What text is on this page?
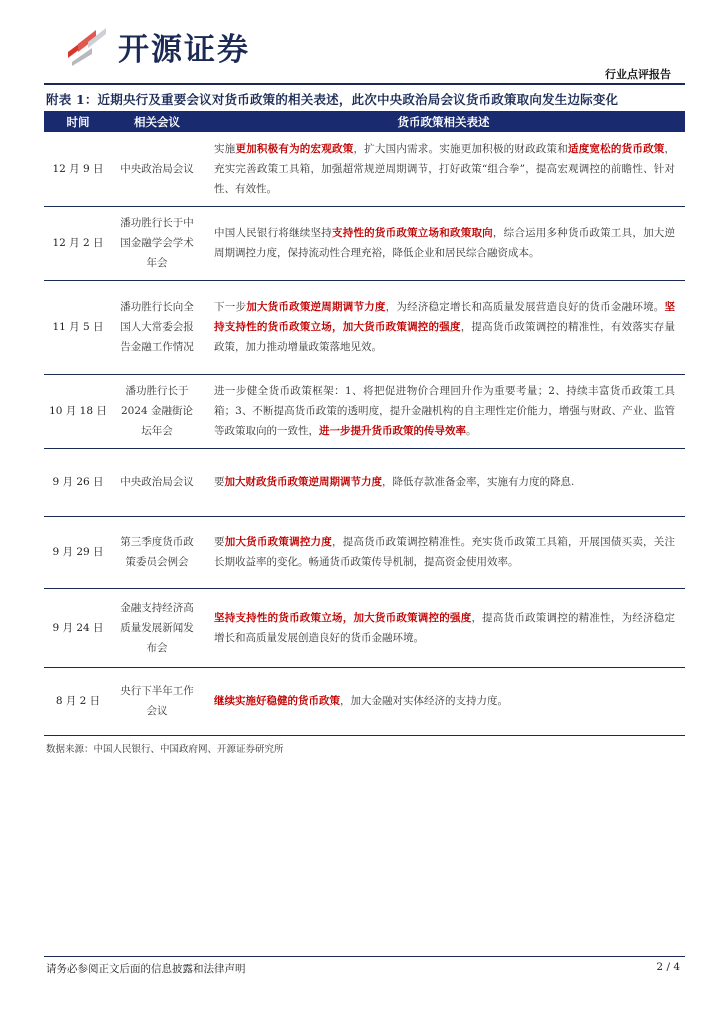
开源证券
行业点评报告
附表 1：近期央行及重要会议对货币政策的相关表述，此次中央政治局会议货币政策取向发生边际变化
时间	相关会议	货币政策相关表述
12 月 9 日	中央政治局会议	实施更加积极有为的宏观政策，扩大国内需求。实施更加积极的财政政策和适度宽松的货币政策，充实完善政策工具箱，加强超常规逆周期调节，打好政策“组合拳”，提高宏观调控的前瞻性、针对性、有效性。
12 月 2 日	潘功胜行长于中国金融学会学术年会	中国人民银行将继续坚持支持性的货币政策立场和政策取向，综合运用多种货币政策工具，加大逆周期调控力度，保持流动性合理充裕，降低企业和居民综合融资成本。
11 月 5 日	潘功胜行长向全国人大常委会报告金融工作情况	下一步加大货币政策逆周期调节力度，为经济稳定增长和高质量发展营造良好的货币金融环境。坚持支持性的货币政策立场，加大货币政策调控的强度，提高货币政策调控的精准性，有效落实存量政策，加力推动增量政策落地见效。
10 月 18 日	潘功胜行长于 2024 金融街论坛年会	进一步健全货币政策框架：1、将把促进物价合理回升作为重要考量；2、持续丰富货币政策工具箱；3、不断提高货币政策的透明度，提升金融机构的自主理性定价能力，增强与财政、产业、监管等政策取向的一致性，进一步提升货币政策的传导效率。
9 月 26 日	中央政治局会议	要加大财政货币政策逆周期调节力度，降低存款准备金率，实施有力度的降息.
9 月 29 日	第三季度货币政策委员会例会	要加大货币政策调控力度，提高货币政策调控精准性。充实货币政策工具箱，开展国债买卖，关注长期收益率的变化。畅通货币政策传导机制，提高资金使用效率。
9 月 24 日	金融支持经济高质量发展新闻发布会	坚持支持性的货币政策立场，加大货币政策调控的强度，提高货币政策调控的精准性，为经济稳定增长和高质量发展创造良好的货币金融环境。
8 月 2 日	央行下半年工作会议	继续实施好稳健的货币政策，加大金融对实体经济的支持力度。
数据来源：中国人民银行、中国政府网、开源证券研究所
请务必参阅正文后面的信息披露和法律声明	2 / 4
